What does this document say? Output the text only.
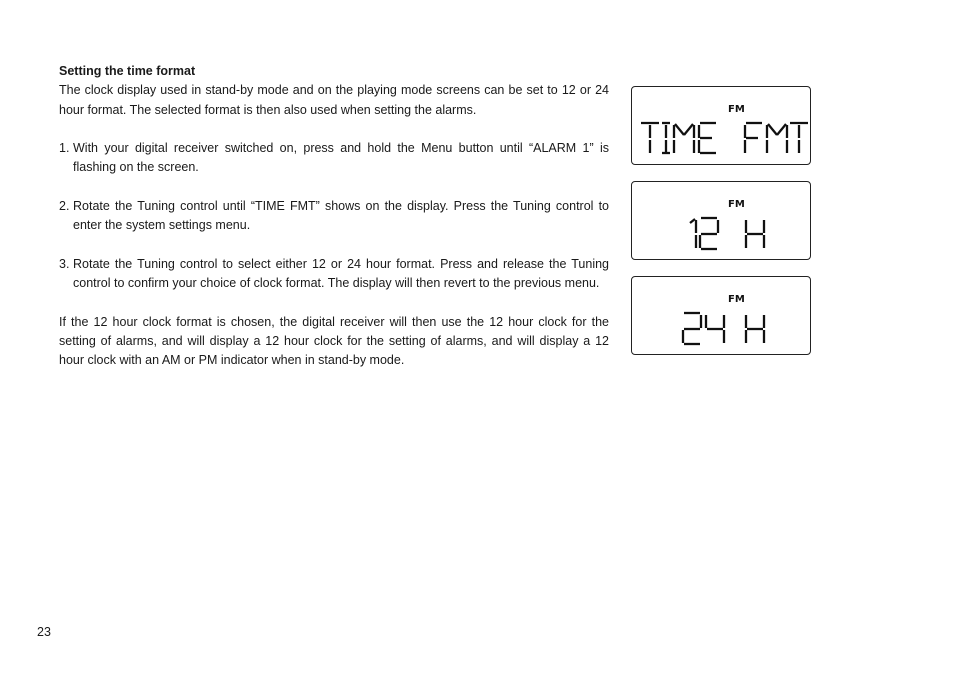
Setting the time format

The clock display used in stand-by mode and on the playing mode screens can be set to 12 or 24 hour format. The selected format is then also used when setting the alarms.

1. With your digital receiver switched on, press and hold the Menu button until “ALARM 1” is flashing on the screen.

2. Rotate the Tuning control until “TIME FMT” shows on the display. Press the Tuning control to enter the system settings menu.

3. Rotate the Tuning control to select either 12 or 24 hour format. Press and release the Tuning control to confirm your choice of clock format. The display will then revert to the previous menu.

If the 12 hour clock format is chosen, the digital receiver will then use the 12 hour clock for the setting of alarms, and will display a 12 hour clock for the setting of alarms, and will display a 12 hour clock with an AM or PM indicator when in stand-by mode.

FM
FM
FM
23
